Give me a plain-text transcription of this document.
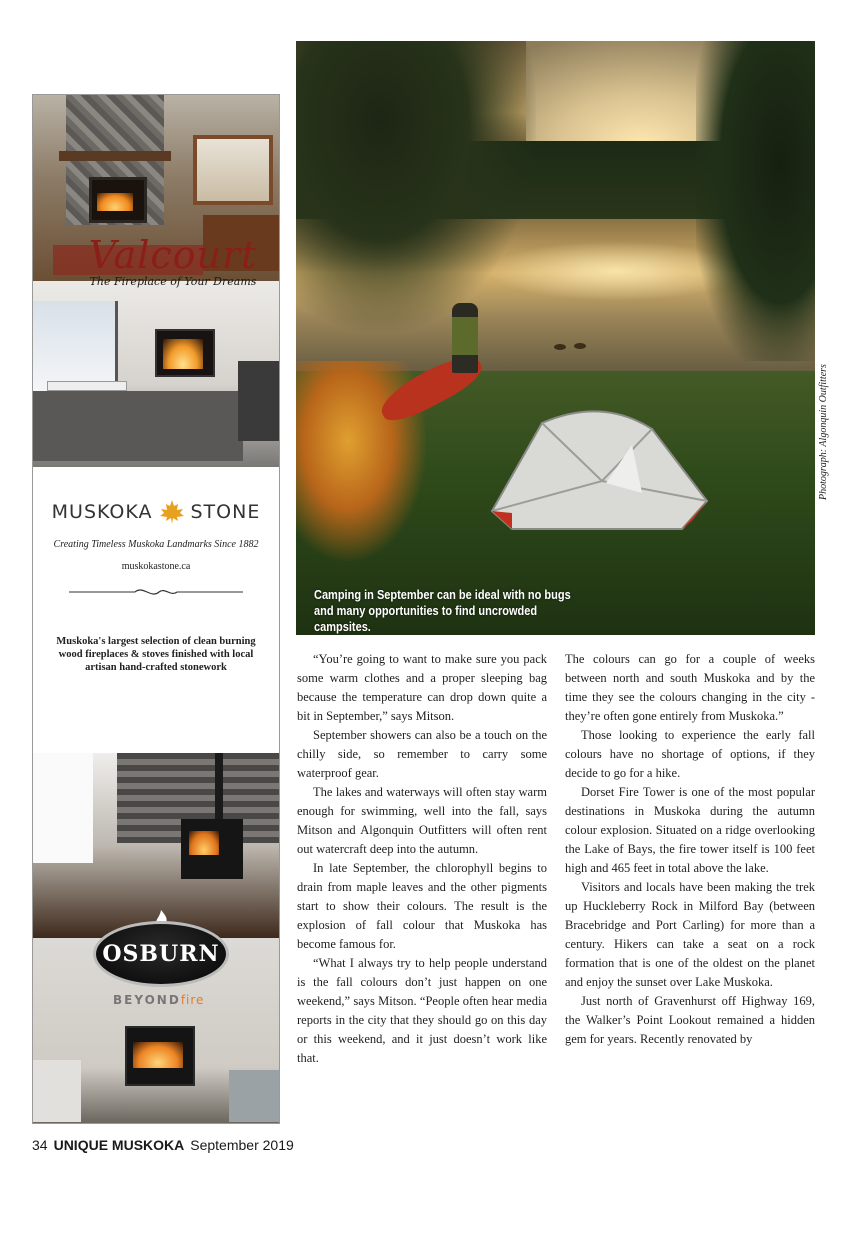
Valcourt
The Fireplace of Your Dreams
MUSKOKA STONE
Creating Timeless Muskoka Landmarks Since 1882
muskokastone.ca
Muskoka's largest selection of clean burning wood fireplaces & stoves finished with local artisan hand-crafted stonework
OSBURN
BEYONDfire
Camping in September can be ideal with no bugs and many opportunities to find uncrowded campsites.
Photograph: Algonquin Outfitters

“You’re going to want to make sure you pack some warm clothes and a proper sleeping bag because the temperature can drop down quite a bit in September,” says Mitson.

September showers can also be a touch on the chilly side, so remember to carry some waterproof gear.

The lakes and waterways will often stay warm enough for swimming, well into the fall, says Mitson and Algonquin Outfitters will often rent out watercraft deep into the autumn.

In late September, the chlorophyll begins to drain from maple leaves and the other pigments start to show their colours. The result is the explosion of fall colour that Muskoka has become famous for.

“What I always try to help people understand is the fall colours don’t just happen on one weekend,” says Mitson. “People often hear media reports in the city that they should go on this day or this weekend, and it just doesn’t work like that.

The colours can go for a couple of weeks between north and south Muskoka and by the time they see the colours changing in the city - they’re often gone entirely from Muskoka.”

Those looking to experience the early fall colours have no shortage of options, if they decide to go for a hike.

Dorset Fire Tower is one of the most popular destinations in Muskoka during the autumn colour explosion. Situated on a ridge overlooking the Lake of Bays, the fire tower itself is 100 feet high and 465 feet in total above the lake.

Visitors and locals have been making the trek up Huckleberry Rock in Milford Bay (between Bracebridge and Port Carling) for more than a century. Hikers can take a seat on a rock formation that is one of the oldest on the planet and enjoy the sunset over Lake Muskoka.

Just north of Gravenhurst off Highway 169, the Walker’s Point Lookout remained a hidden gem for years. Recently renovated by

34 UNIQUE MUSKOKA September 2019
